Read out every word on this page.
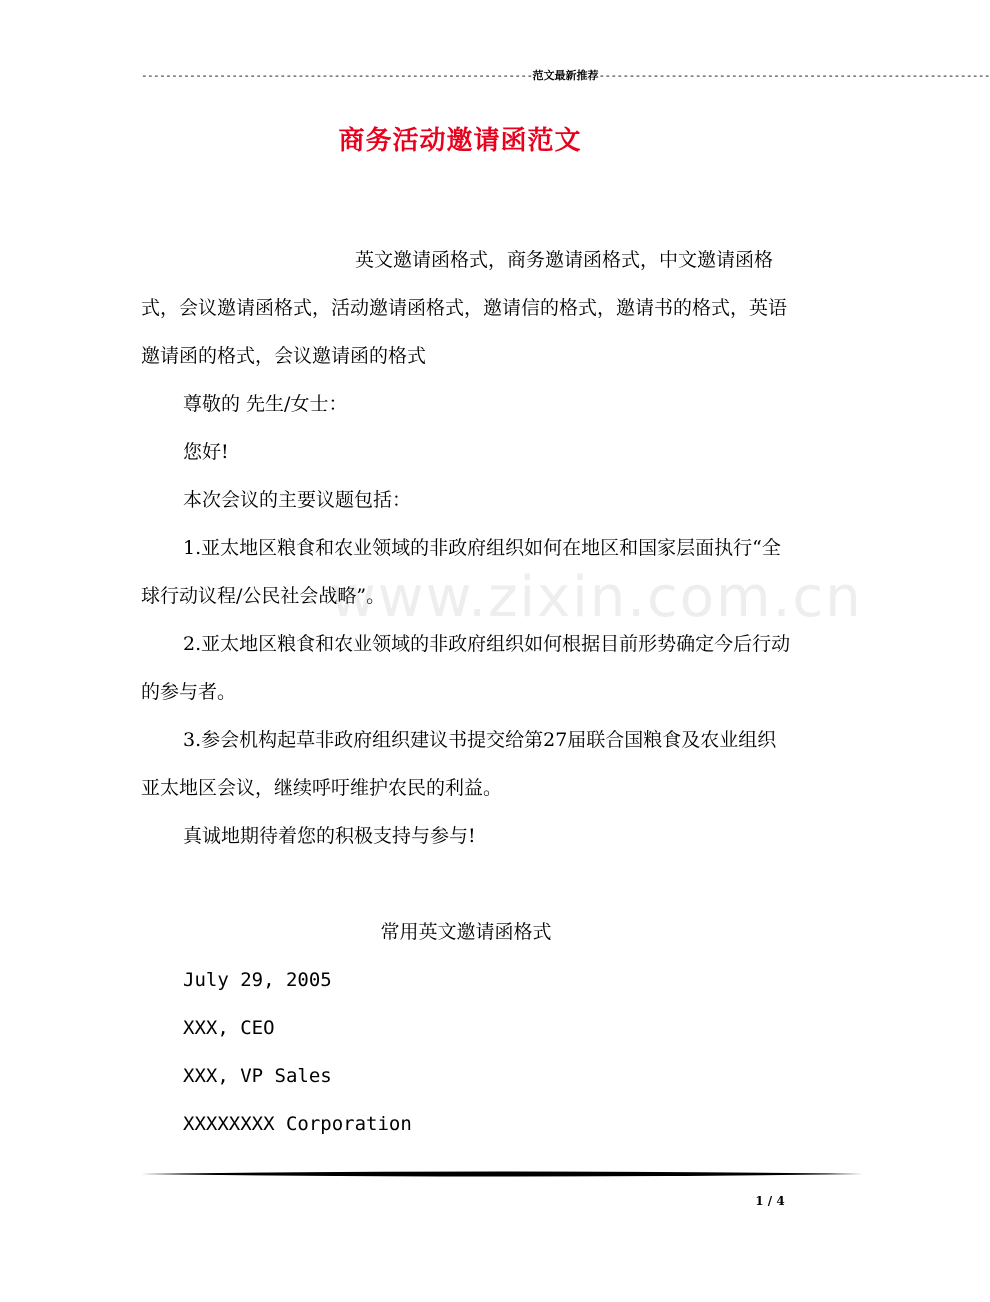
-----------------------------------------------------------------范文最新推荐-----------------------------------------------------------------
商务活动邀请函范文
www.zixin.com.cn

英文邀请函格式，商务邀请函格式，中文邀请函格式，会议邀请函格式，活动邀请函格式，邀请信的格式，邀请书的格式，英语邀请函的格式，会议邀请函的格式

尊敬的 先生/女士：

您好!

本次会议的主要议题包括：

1.亚太地区粮食和农业领域的非政府组织如何在地区和国家层面执行“全球行动议程/公民社会战略”。

2.亚太地区粮食和农业领域的非政府组织如何根据目前形势确定今后行动的参与者。

3.参会机构起草非政府组织建议书提交给第27届联合国粮食及农业组织亚太地区会议，继续呼吁维护农民的利益。

真诚地期待着您的积极支持与参与!

常用英文邀请函格式

July 29, 2005

XXX, CEO

XXX, VP Sales

XXXXXXXX Corporation

1 / 4
